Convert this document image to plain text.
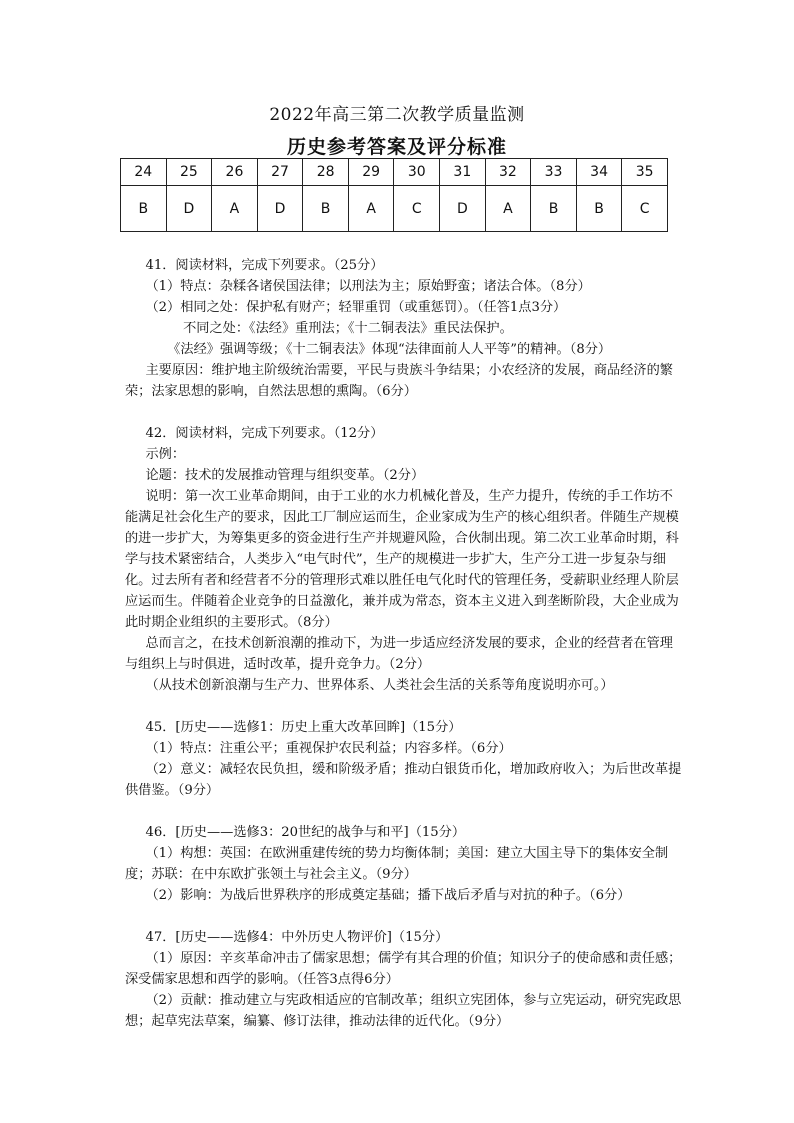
2022年高三第二次教学质量监测
历史参考答案及评分标准
24	25	26	27	28	29	30	31	32	33	34	35
B	D	A	D	B	A	C	D	A	B	B	C

41．阅读材料，完成下列要求。（25分）

（1）特点：杂糅各诸侯国法律；以刑法为主；原始野蛮；诸法合体。（8分）

（2）相同之处：保护私有财产；轻罪重罚（或重惩罚）。（任答1点3分）

不同之处：《法经》重刑法；《十二铜表法》重民法保护。

《法经》强调等级；《十二铜表法》体现“法律面前人人平等”的精神。（8分）

主要原因：维护地主阶级统治需要，平民与贵族斗争结果；小农经济的发展，商品经济的繁荣；法家思想的影响，自然法思想的熏陶。（6分）

42．阅读材料，完成下列要求。（12分）

示例：

论题：技术的发展推动管理与组织变革。（2分）

说明：第一次工业革命期间，由于工业的水力机械化普及，生产力提升，传统的手工作坊不能满足社会化生产的要求，因此工厂制应运而生，企业家成为生产的核心组织者。伴随生产规模的进一步扩大，为筹集更多的资金进行生产并规避风险，合伙制出现。第二次工业革命时期，科学与技术紧密结合，人类步入“电气时代”，生产的规模进一步扩大，生产分工进一步复杂与细化。过去所有者和经营者不分的管理形式难以胜任电气化时代的管理任务，受薪职业经理人阶层应运而生。伴随着企业竞争的日益激化，兼并成为常态，资本主义进入到垄断阶段，大企业成为此时期企业组织的主要形式。（8分）

总而言之，在技术创新浪潮的推动下，为进一步适应经济发展的要求，企业的经营者在管理与组织上与时俱进，适时改革，提升竞争力。（2分）

（从技术创新浪潮与生产力、世界体系、人类社会生活的关系等角度说明亦可。）

45．[历史——选修1：历史上重大改革回眸]（15分）

（1）特点：注重公平；重视保护农民利益；内容多样。（6分）

（2）意义：减轻农民负担，缓和阶级矛盾；推动白银货币化，增加政府收入；为后世改革提供借鉴。（9分）

46．[历史——选修3：20世纪的战争与和平]（15分）

（1）构想：英国：在欧洲重建传统的势力均衡体制；美国：建立大国主导下的集体安全制度；苏联：在中东欧扩张领土与社会主义。（9分）

（2）影响：为战后世界秩序的形成奠定基础；播下战后矛盾与对抗的种子。（6分）

47．[历史——选修4：中外历史人物评价]（15分）

（1）原因：辛亥革命冲击了儒家思想；儒学有其合理的价值；知识分子的使命感和责任感；深受儒家思想和西学的影响。（任答3点得6分）

（2）贡献：推动建立与宪政相适应的官制改革；组织立宪团体，参与立宪运动，研究宪政思想；起草宪法草案，编纂、修订法律，推动法律的近代化。（9分）
